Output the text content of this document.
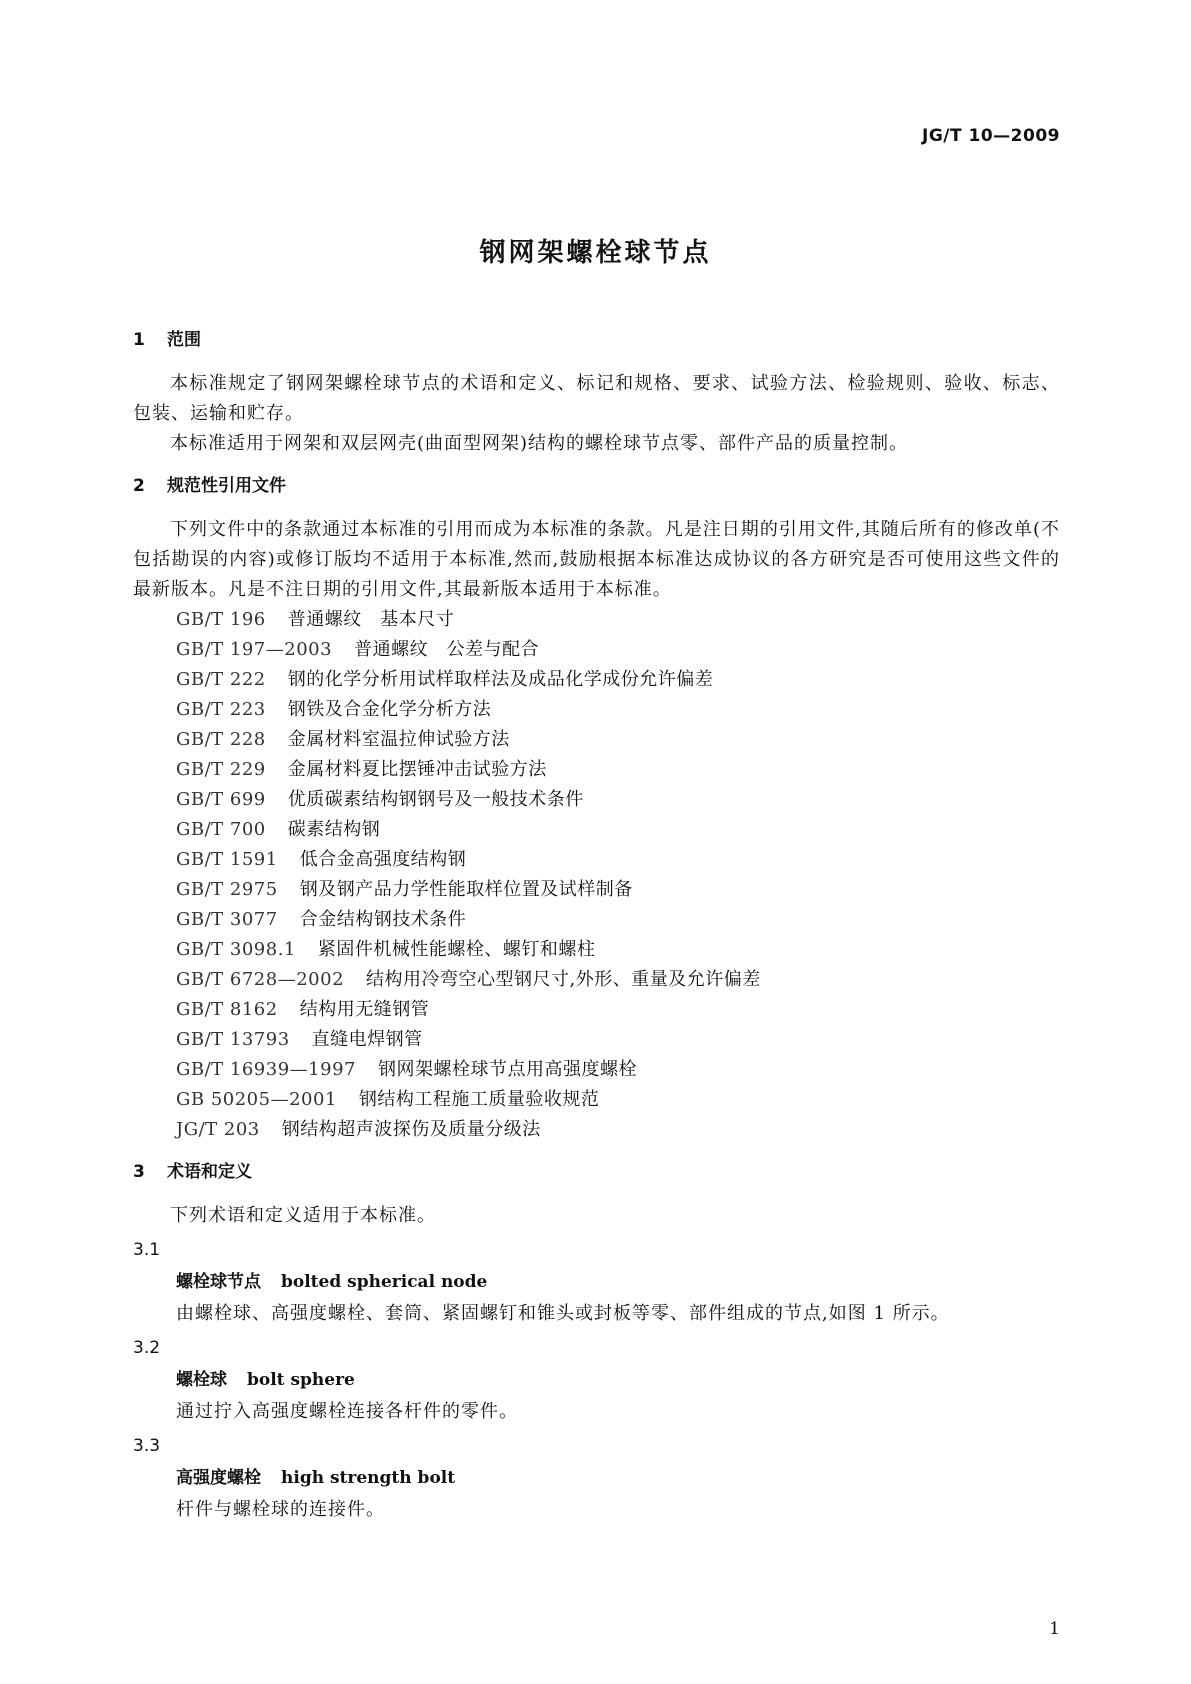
JG/T 10—2009
钢网架螺栓球节点
1 范围

本标准规定了钢网架螺栓球节点的术语和定义、标记和规格、要求、试验方法、检验规则、验收、标志、包装、运输和贮存。

本标准适用于网架和双层网壳(曲面型网架)结构的螺栓球节点零、部件产品的质量控制。

2 规范性引用文件

下列文件中的条款通过本标准的引用而成为本标准的条款。凡是注日期的引用文件,其随后所有的修改单(不包括勘误的内容)或修订版均不适用于本标准,然而,鼓励根据本标准达成协议的各方研究是否可使用这些文件的最新版本。凡是不注日期的引用文件,其最新版本适用于本标准。

GB/T 196 普通螺纹　基本尺寸
GB/T 197—2003 普通螺纹　公差与配合
GB/T 222 钢的化学分析用试样取样法及成品化学成份允许偏差
GB/T 223 钢铁及合金化学分析方法
GB/T 228 金属材料室温拉伸试验方法
GB/T 229 金属材料夏比摆锤冲击试验方法
GB/T 699 优质碳素结构钢钢号及一般技术条件
GB/T 700 碳素结构钢
GB/T 1591 低合金高强度结构钢
GB/T 2975 钢及钢产品力学性能取样位置及试样制备
GB/T 3077 合金结构钢技术条件
GB/T 3098.1 紧固件机械性能螺栓、螺钉和螺柱
GB/T 6728—2002 结构用冷弯空心型钢尺寸,外形、重量及允许偏差
GB/T 8162 结构用无缝钢管
GB/T 13793 直缝电焊钢管
GB/T 16939—1997 钢网架螺栓球节点用高强度螺栓
GB 50205—2001 钢结构工程施工质量验收规范
JG/T 203 钢结构超声波探伤及质量分级法
3 术语和定义

下列术语和定义适用于本标准。

3.1
螺栓球节点 bolted spherical node
由螺栓球、高强度螺栓、套筒、紧固螺钉和锥头或封板等零、部件组成的节点,如图 1 所示。
3.2
螺栓球 bolt sphere
通过拧入高强度螺栓连接各杆件的零件。
3.3
高强度螺栓 high strength bolt
杆件与螺栓球的连接件。
1
